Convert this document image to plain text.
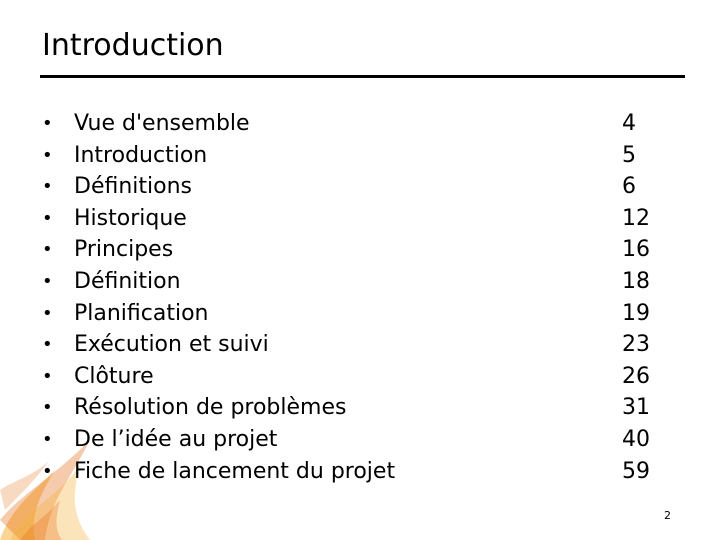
Introduction
• Vue d'ensemble	4
• Introduction	5
• Définitions	6
• Historique	12
• Principes	16
• Définition	18
• Planification	19
• Exécution et suivi	23
• Clôture	26
• Résolution de problèmes	31
• De l’idée au projet	40
• Fiche de lancement du projet	59
2
